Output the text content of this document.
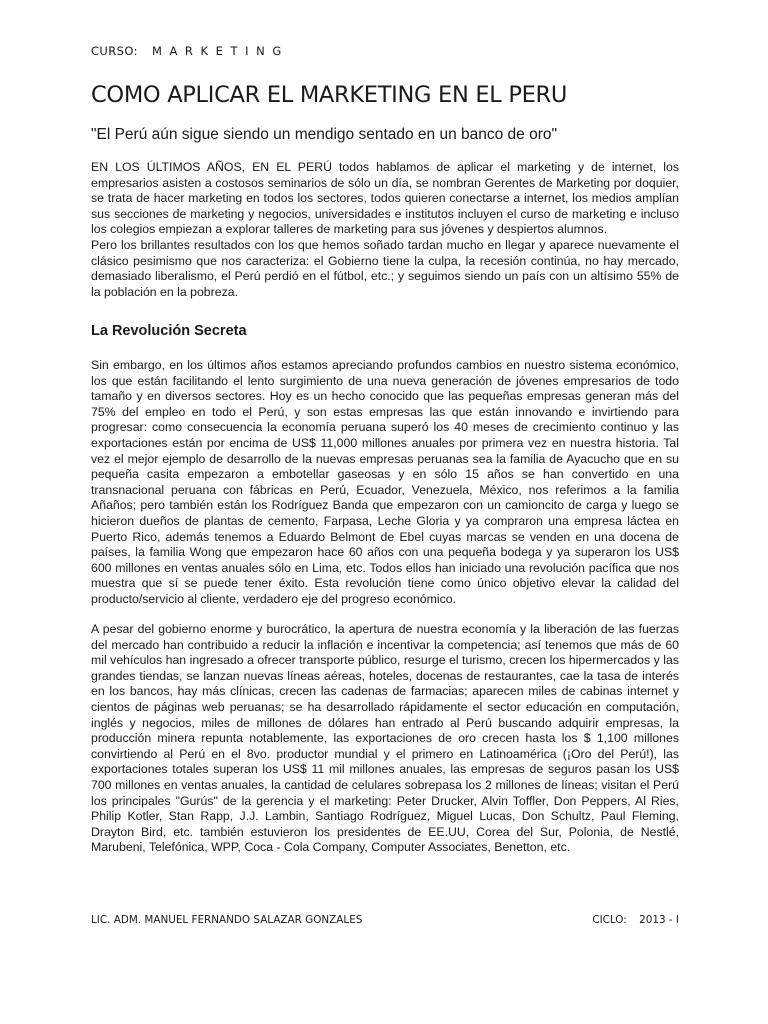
CURSO: MARKETING
COMO APLICAR EL MARKETING EN EL PERU

"El Perú aún sigue siendo un mendigo sentado en un banco de oro"

EN LOS ÚLTIMOS AÑOS, EN EL PERÚ todos hablamos de aplicar el marketing y de internet, los empresarios asisten a costosos seminarios de sólo un día, se nombran Gerentes de Marketing por doquier, se trata de hacer marketing en todos los sectores, todos quieren conectarse a internet, los medios amplían sus secciones de marketing y negocios, universidades e institutos incluyen el curso de marketing e incluso los colegios empiezan a explorar talleres de marketing para sus jóvenes y despiertos alumnos.

Pero los brillantes resultados con los que hemos soñado tardan mucho en llegar y aparece nuevamente el clásico pesimismo que nos caracteriza: el Gobierno tiene la culpa, la recesión continúa, no hay mercado, demasiado liberalismo, el Perú perdió en el fútbol, etc.; y seguimos siendo un país con un altísimo 55% de la población en la pobreza.

La Revolución Secreta

Sin embargo, en los últimos años estamos apreciando profundos cambios en nuestro sistema económico, los que están facilitando el lento surgimiento de una nueva generación de jóvenes empresarios de todo tamaño y en diversos sectores. Hoy es un hecho conocido que las pequeñas empresas generan más del 75% del empleo en todo el Perú, y son estas empresas las que están innovando e invirtiendo para progresar: como consecuencia la economía peruana superó los 40 meses de crecimiento continuo y las exportaciones están por encima de US$ 11,000 millones anuales por primera vez en nuestra historia. Tal vez el mejor ejemplo de desarrollo de la nuevas empresas peruanas sea la familia de Ayacucho que en su pequeña casita empezaron a embotellar gaseosas y en sólo 15 años se han convertido en una transnacional peruana con fábricas en Perú, Ecuador, Venezuela, México, nos referimos a la familia Añaños; pero también están los Rodríguez Banda que empezaron con un camioncito de carga y luego se hicieron dueños de plantas de cemento, Farpasa, Leche Gloria y ya compraron una empresa láctea en Puerto Rico, además tenemos a Eduardo Belmont de Ebel cuyas marcas se venden en una docena de países, la familia Wong que empezaron hace 60 años con una pequeña bodega y ya superaron los US$ 600 millones en ventas anuales sólo en Lima, etc. Todos ellos han iniciado una revolución pacífica que nos muestra que sí se puede tener éxito. Esta revolución tiene como único objetivo elevar la calidad del producto/servicio al cliente, verdadero eje del progreso económico.

A pesar del gobierno enorme y burocrático, la apertura de nuestra economía y la liberación de las fuerzas del mercado han contribuido a reducir la inflación e incentivar la competencia; así tenemos que más de 60 mil vehículos han ingresado a ofrecer transporte público, resurge el turismo, crecen los hipermercados y las grandes tiendas, se lanzan nuevas líneas aéreas, hoteles, docenas de restaurantes, cae la tasa de interés en los bancos, hay más clínicas, crecen las cadenas de farmacias; aparecen miles de cabinas internet y cientos de páginas web peruanas; se ha desarrollado rápidamente el sector educación en computación, inglés y negocios, miles de millones de dólares han entrado al Perú buscando adquirir empresas, la producción minera repunta notablemente, las exportaciones de oro crecen hasta los $ 1,100 millones convirtiendo al Perú en el 8vo. productor mundial y el primero en Latinoamérica (¡Oro del Perú!), las exportaciones totales superan los US$ 11 mil millones anuales, las empresas de seguros pasan los US$ 700 millones en ventas anuales, la cantidad de celulares sobrepasa los 2 millones de líneas; visitan el Perú los principales "Gurús" de la gerencia y el marketing: Peter Drucker, Alvin Toffler, Don Peppers, Al Ries, Philip Kotler, Stan Rapp, J.J. Lambin, Santiago Rodríguez, Miguel Lucas, Don Schultz, Paul Fleming, Drayton Bird, etc. también estuvieron los presidentes de EE.UU, Corea del Sur, Polonia, de Nestlé, Marubeni, Telefónica, WPP, Coca - Cola Company, Computer Associates, Benetton, etc.

LIC. ADM. MANUEL FERNANDO SALAZAR GONZALES	CICLO: 2013 - I
